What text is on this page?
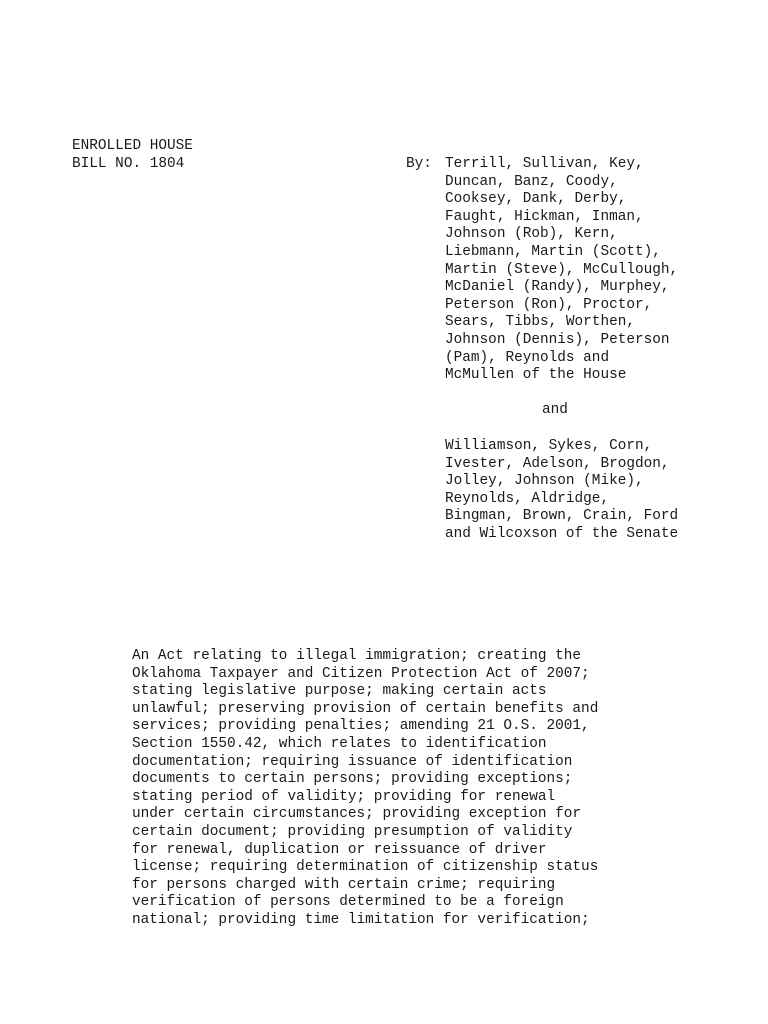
ENROLLED HOUSE
BILL NO. 1804	By: Terrill, Sullivan, Key,
Duncan, Banz, Coody,
Cooksey, Dank, Derby,
Faught, Hickman, Inman,
Johnson (Rob), Kern,
Liebmann, Martin (Scott),
Martin (Steve), McCullough,
McDaniel (Randy), Murphey,
Peterson (Ron), Proctor,
Sears, Tibbs, Worthen,
Johnson (Dennis), Peterson
(Pam), Reynolds and
McMullen of the House
and
Williamson, Sykes, Corn,
Ivester, Adelson, Brogdon,
Jolley, Johnson (Mike),
Reynolds, Aldridge,
Bingman, Brown, Crain, Ford
and Wilcoxson of the Senate
An Act relating to illegal immigration; creating the
Oklahoma Taxpayer and Citizen Protection Act of 2007;
stating legislative purpose; making certain acts
unlawful; preserving provision of certain benefits and
services; providing penalties; amending 21 O.S. 2001,
Section 1550.42, which relates to identification
documentation; requiring issuance of identification
documents to certain persons; providing exceptions;
stating period of validity; providing for renewal
under certain circumstances; providing exception for
certain document; providing presumption of validity
for renewal, duplication or reissuance of driver
license; requiring determination of citizenship status
for persons charged with certain crime; requiring
verification of persons determined to be a foreign
national; providing time limitation for verification;
